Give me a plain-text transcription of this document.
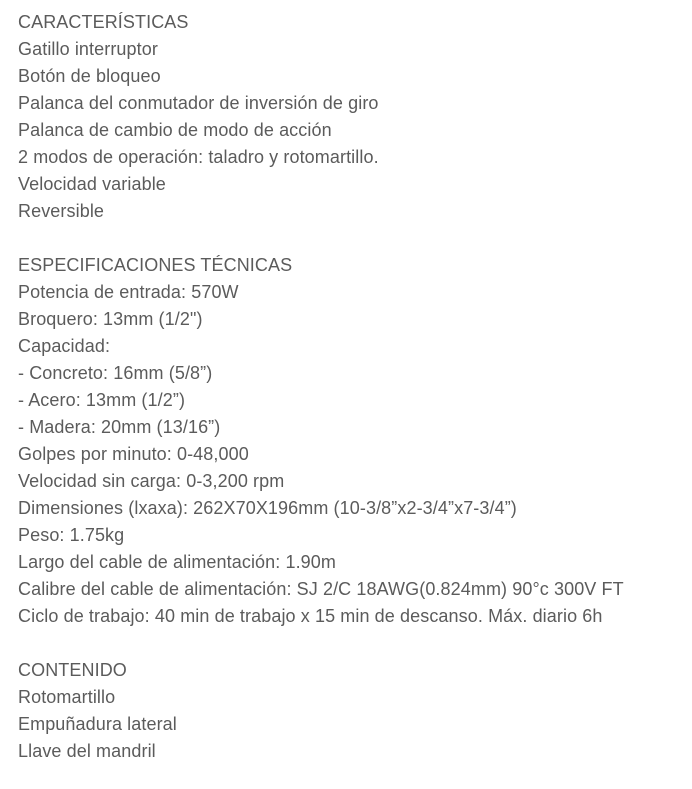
CARACTERÍSTICAS
Gatillo interruptor
Botón de bloqueo
Palanca del conmutador de inversión de giro
Palanca de cambio de modo de acción
2 modos de operación: taladro y rotomartillo.
Velocidad variable
Reversible
ESPECIFICACIONES TÉCNICAS
Potencia de entrada: 570W
Broquero: 13mm (1/2")
Capacidad:
- Concreto: 16mm (5/8”)
- Acero: 13mm (1/2”)
- Madera: 20mm (13/16”)
Golpes por minuto: 0-48,000
Velocidad sin carga: 0-3,200 rpm
Dimensiones (lxaxa): 262X70X196mm (10-3/8”x2-3/4”x7-3/4”)
Peso: 1.75kg
Largo del cable de alimentación: 1.90m
Calibre del cable de alimentación: SJ 2/C 18AWG(0.824mm) 90°c 300V FT
Ciclo de trabajo: 40 min de trabajo x 15 min de descanso. Máx. diario 6h
CONTENIDO
Rotomartillo
Empuñadura lateral
Llave del mandril
